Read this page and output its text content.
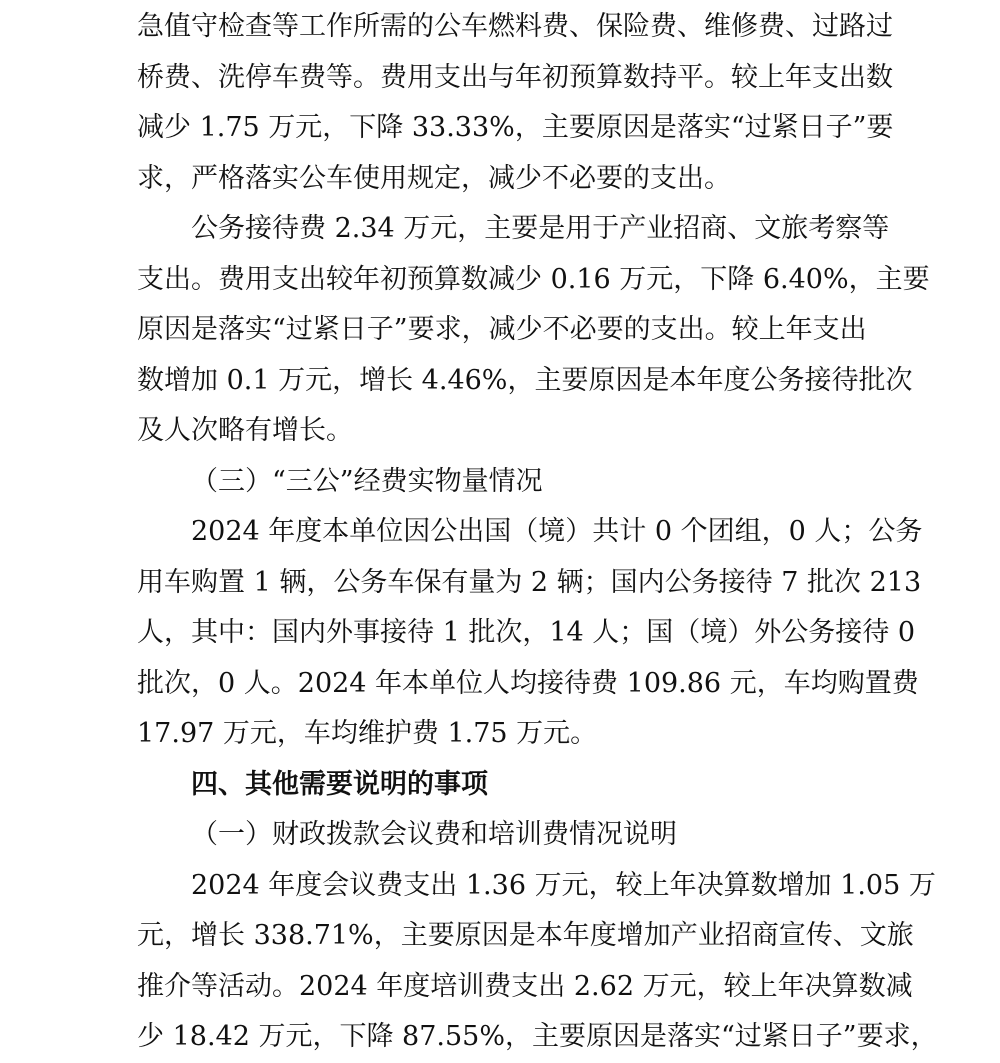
急值守检查等工作所需的公车燃料费、保险费、维修费、过路过
桥费、洗停车费等。费用支出与年初预算数持平。较上年支出数
减少 1.75 万元，下降 33.33%，主要原因是落实“过紧日子”要
求，严格落实公车使用规定，减少不必要的支出。

公务接待费 2.34 万元，主要是用于产业招商、文旅考察等
支出。费用支出较年初预算数减少 0.16 万元，下降 6.40%，主要
原因是落实“过紧日子”要求，减少不必要的支出。较上年支出
数增加 0.1 万元，增长 4.46%，主要原因是本年度公务接待批次
及人次略有增长。

（三）“三公”经费实物量情况

2024 年度本单位因公出国（境）共计 0 个团组，0 人；公务
用车购置 1 辆，公务车保有量为 2 辆；国内公务接待 7 批次 213
人，其中：国内外事接待 1 批次，14 人；国（境）外公务接待 0
批次，0 人。2024 年本单位人均接待费 109.86 元，车均购置费
17.97 万元，车均维护费 1.75 万元。

四、其他需要说明的事项

（一）财政拨款会议费和培训费情况说明

2024 年度会议费支出 1.36 万元，较上年决算数增加 1.05 万
元，增长 338.71%，主要原因是本年度增加产业招商宣传、文旅
推介等活动。2024 年度培训费支出 2.62 万元，较上年决算数减
少 18.42 万元，下降 87.55%，主要原因是落实“过紧日子”要求，
